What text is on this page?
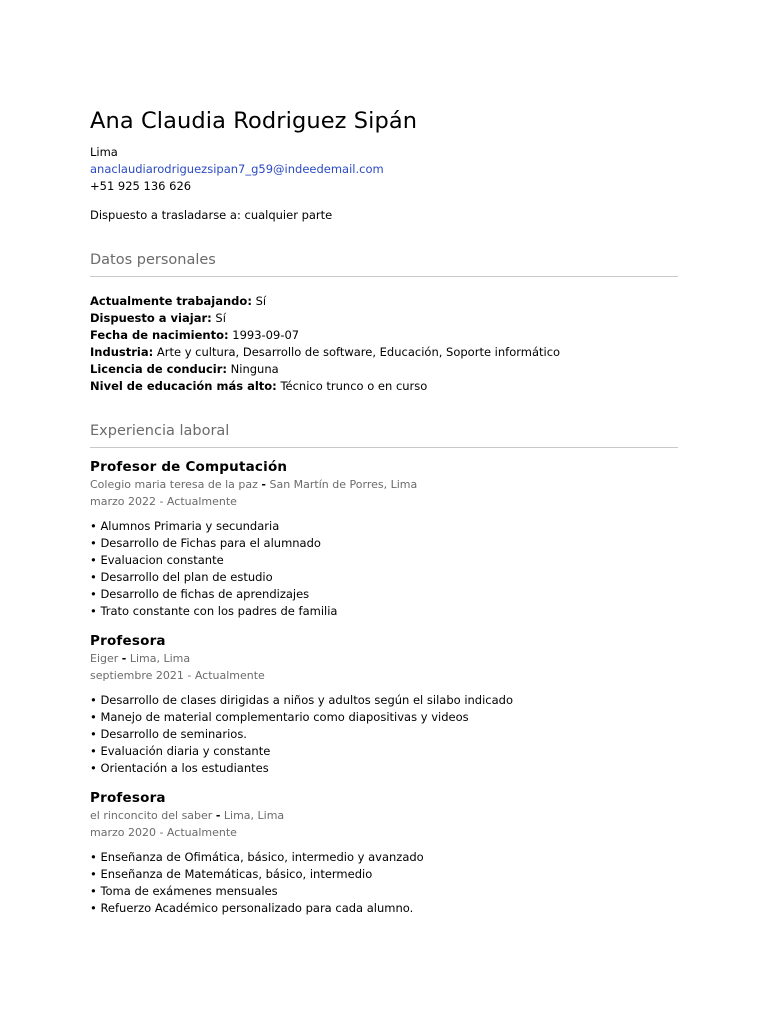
Ana Claudia Rodriguez Sipán
Lima
anaclaudiarodriguezsipan7_g59@indeedemail.com
+51 925 136 626
Dispuesto a trasladarse a: cualquier parte
Datos personales
Actualmente trabajando: Sí
Dispuesto a viajar: Sí
Fecha de nacimiento: 1993-09-07
Industria: Arte y cultura, Desarrollo de software, Educación, Soporte informático
Licencia de conducir: Ninguna
Nivel de educación más alto: Técnico trunco o en curso
Experiencia laboral
Profesor de Computación
Colegio maria teresa de la paz - San Martín de Porres, Lima
marzo 2022 - Actualmente
• Alumnos Primaria y secundaria
• Desarrollo de Fichas para el alumnado
• Evaluacion constante
• Desarrollo del plan de estudio
• Desarrollo de fichas de aprendizajes
• Trato constante con los padres de familia
Profesora
Eiger - Lima, Lima
septiembre 2021 - Actualmente
• Desarrollo de clases dirigidas a niños y adultos según el silabo indicado
• Manejo de material complementario como diapositivas y videos
• Desarrollo de seminarios.
• Evaluación diaria y constante
• Orientación a los estudiantes
Profesora
el rinconcito del saber - Lima, Lima
marzo 2020 - Actualmente
• Enseñanza de Ofimática, básico, intermedio y avanzado
• Enseñanza de Matemáticas, básico, intermedio
• Toma de exámenes mensuales
• Refuerzo Académico personalizado para cada alumno.
